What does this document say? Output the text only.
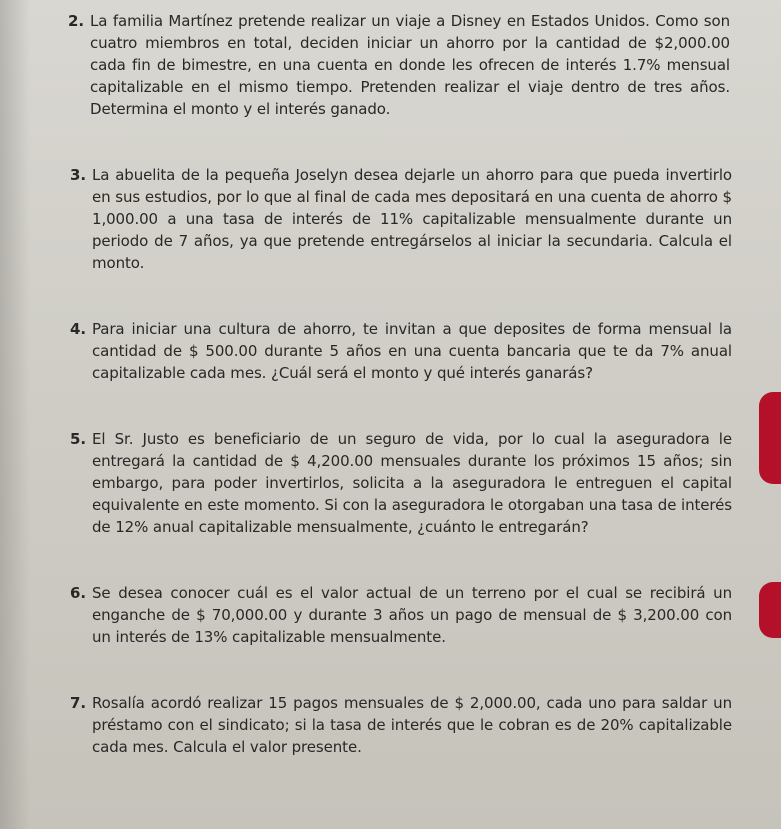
2. La familia Martínez pretende realizar un viaje a Disney en Estados Unidos. Como son cuatro miembros en total, deciden iniciar un ahorro por la cantidad de $2,000.00 cada fin de bimestre, en una cuenta en donde les ofrecen de interés 1.7% mensual capitalizable en el mismo tiempo. Pretenden realizar el viaje dentro de tres años. Determina el monto y el interés ganado.
3. La abuelita de la pequeña Joselyn desea dejarle un ahorro para que pueda invertirlo en sus estudios, por lo que al final de cada mes depositará en una cuenta de ahorro $ 1,000.00 a una tasa de interés de 11% capitalizable mensualmente durante un periodo de 7 años, ya que pretende entregárselos al iniciar la secundaria. Calcula el monto.
4. Para iniciar una cultura de ahorro, te invitan a que deposites de forma mensual la cantidad de $ 500.00 durante 5 años en una cuenta bancaria que te da 7% anual capitalizable cada mes. ¿Cuál será el monto y qué interés ganarás?
5. El Sr. Justo es beneficiario de un seguro de vida, por lo cual la aseguradora le entregará la cantidad de $ 4,200.00 mensuales durante los próximos 15 años; sin embargo, para poder invertirlos, solicita a la aseguradora le entreguen el capital equivalente en este momento. Si con la aseguradora le otorgaban una tasa de interés de 12% anual capitalizable mensualmente, ¿cuánto le entregarán?
6. Se desea conocer cuál es el valor actual de un terreno por el cual se recibirá un enganche de $ 70,000.00 y durante 3 años un pago de mensual de $ 3,200.00 con un interés de 13% capitalizable mensualmente.
7. Rosalía acordó realizar 15 pagos mensuales de $ 2,000.00, cada uno para saldar un préstamo con el sindicato; si la tasa de interés que le cobran es de 20% capitalizable cada mes. Calcula el valor presente.
